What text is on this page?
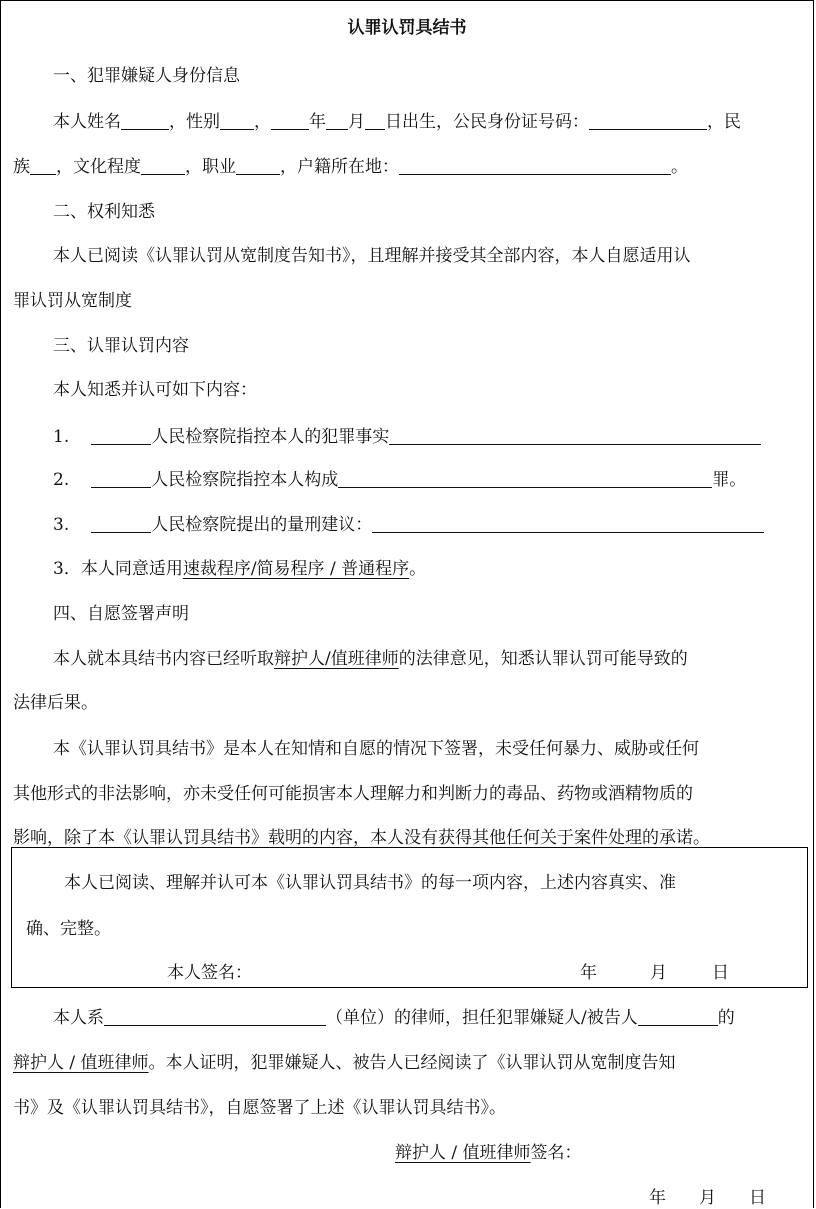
认罪认罚具结书
一、犯罪嫌疑人身份信息
本人姓名	，性别 ， 年 月 日出生，公民身份证号码：	，民
族 ，文化程度	，职业	，户籍所在地：	。
二、权利知悉
本人已阅读《认罪认罚从宽制度告知书》，且理解并接受其全部内容，本人自愿适用认
罪认罚从宽制度
三、认罪认罚内容
本人知悉并认可如下内容：
1.	人民检察院指控本人的犯罪事实
2.	人民检察院指控本人构成	罪。
3.	人民检察院提出的量刑建议：
3．本人同意适用速裁程序/简易程序 / 普通程序。
四、自愿签署声明
本人就本具结书内容已经听取辩护人/值班律师的法律意见，知悉认罪认罚可能导致的
法律后果。
本《认罪认罚具结书》是本人在知情和自愿的情况下签署，未受任何暴力、威胁或任何
其他形式的非法影响，亦未受任何可能损害本人理解力和判断力的毒品、药物或酒精物质的
影响，除了本《认罪认罚具结书》载明的内容，本人没有获得其他任何关于案件处理的承诺。
本人已阅读、理解并认可本《认罪认罚具结书》的每一项内容，上述内容真实、准
确、完整。
本人签名：	年	月	日
本人系	（单位）的律师，担任犯罪嫌疑人/被告人	的
辩护人 / 值班律师。本人证明，犯罪嫌疑人、被告人已经阅读了《认罪认罚从宽制度告知
书》及《认罪认罚具结书》，自愿签署了上述《认罪认罚具结书》。
辩护人 / 值班律师签名：
年 月 日
